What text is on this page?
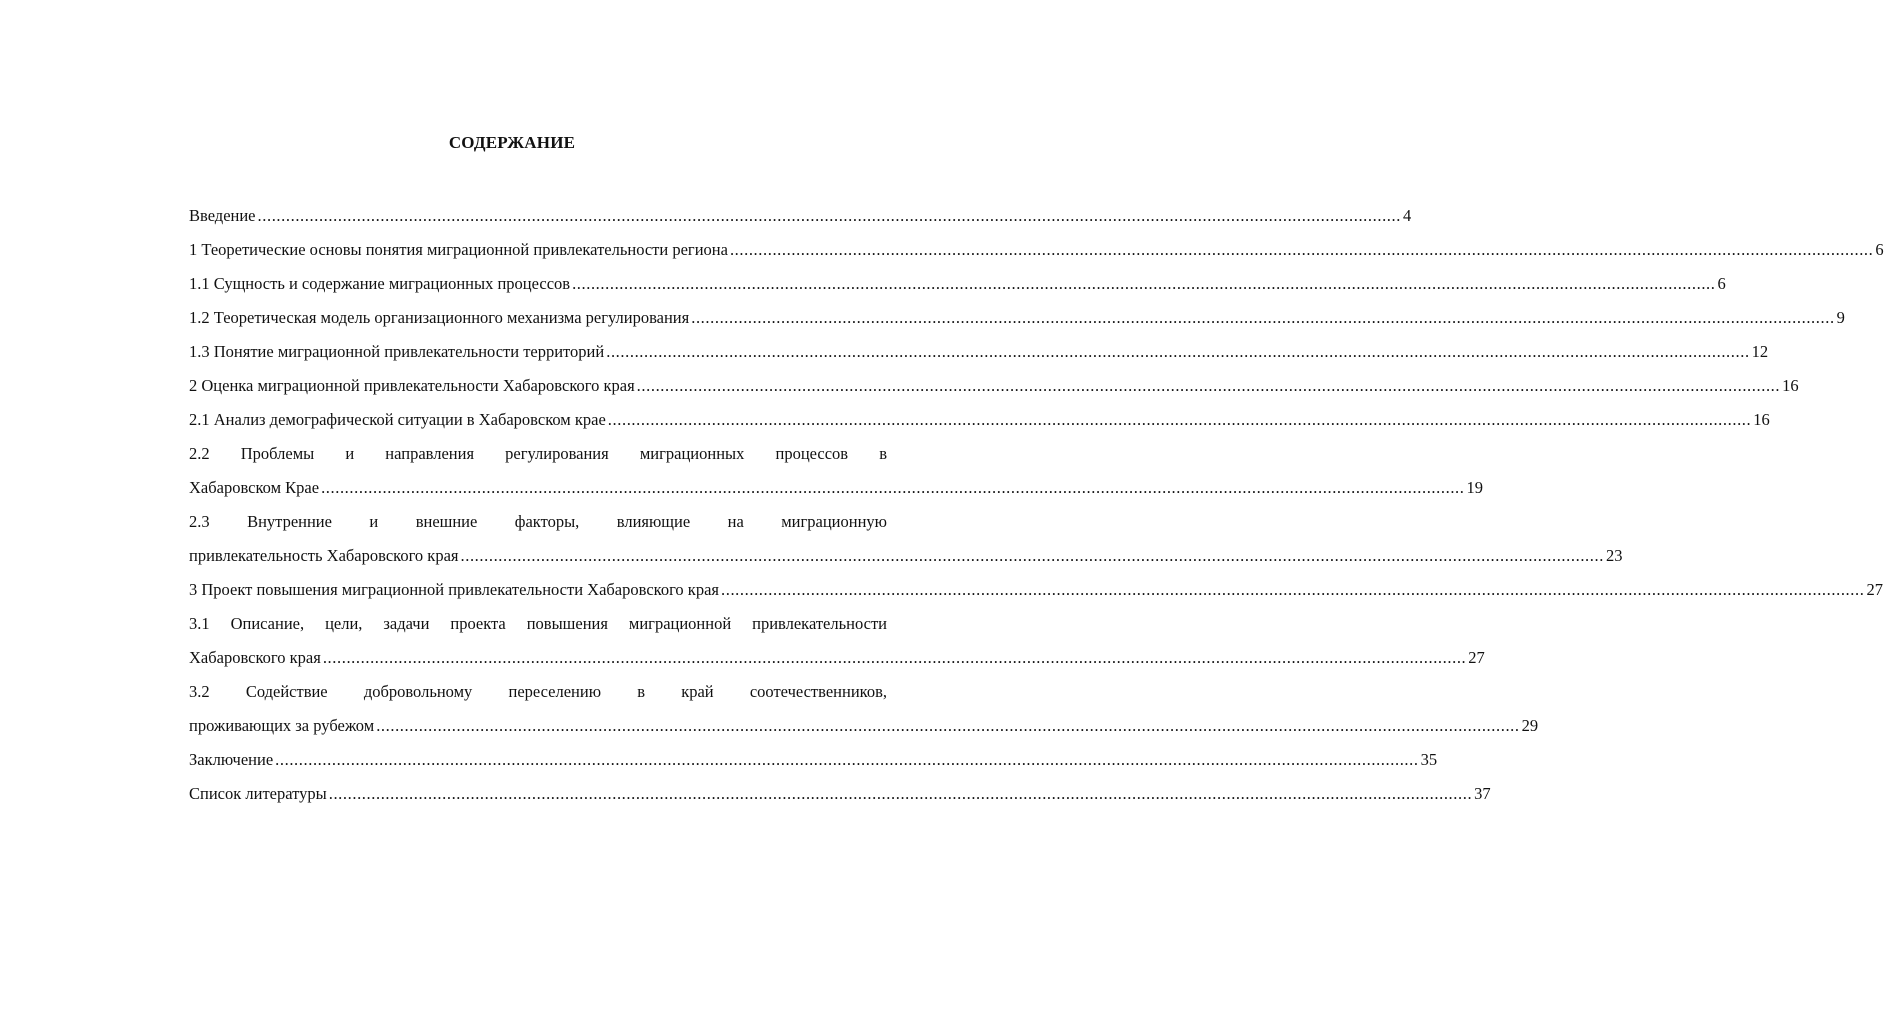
СОДЕРЖАНИЕ
Введение .....	4
1 Теоретические основы понятия миграционной привлекательности региона .....	6
1.1 Сущность и содержание миграционных процессов .....	6
1.2 Теоретическая модель организационного механизма регулирования .....	9
1.3 Понятие миграционной привлекательности территорий .....	12
2 Оценка миграционной привлекательности Хабаровского края .....	16
2.1 Анализ демографической ситуации в Хабаровском крае .....	16
2.2 Проблемы и направления регулирования миграционных процессов в
Хабаровском Крае .....	19
2.3 Внутренние и внешние факторы, влияющие на миграционную
привлекательность Хабаровского края .....	23
3 Проект повышения миграционной привлекательности Хабаровского края .....	27
3.1 Описание, цели, задачи проекта повышения миграционной привлекательности
Хабаровского края .....	27
3.2 Содействие добровольному переселению в край соотечественников,
проживающих за рубежом .....	29
Заключение .....	35
Список литературы .....	37
